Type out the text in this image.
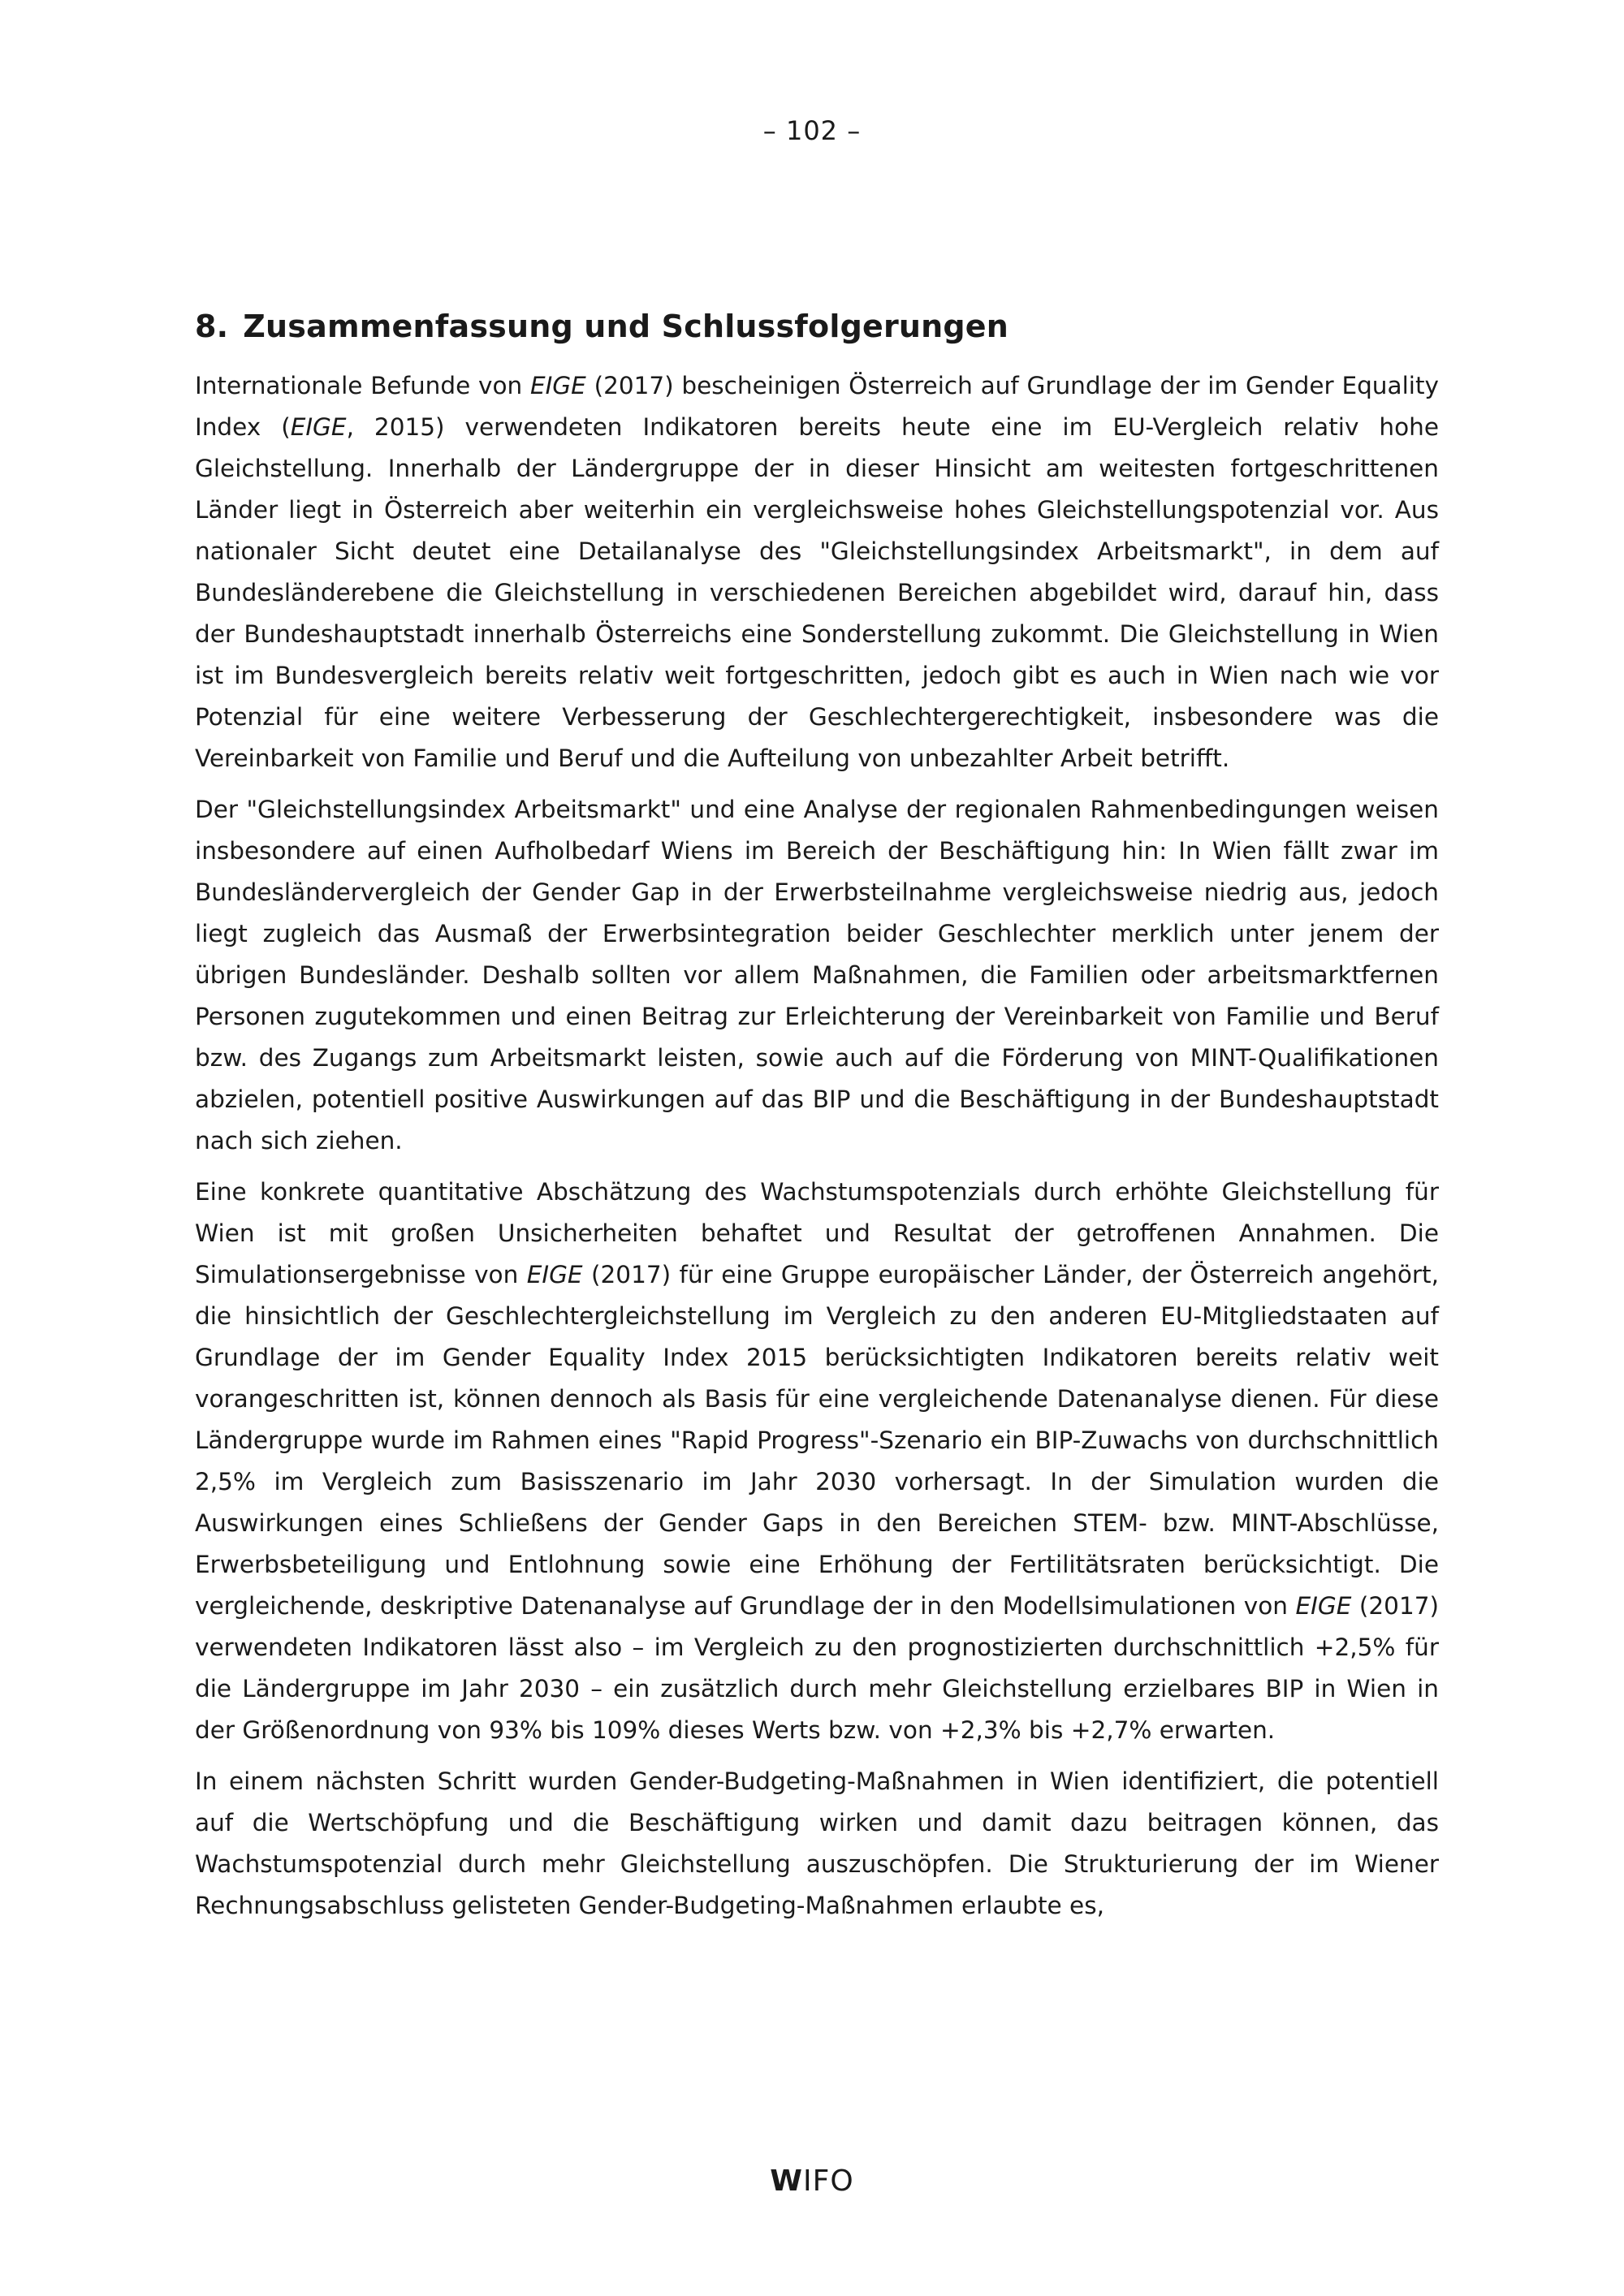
– 102 –
8. Zusammenfassung und Schlussfolgerungen

Internationale Befunde von EIGE (2017) bescheinigen Österreich auf Grundlage der im Gender Equality Index (EIGE, 2015) verwendeten Indikatoren bereits heute eine im EU-Vergleich relativ hohe Gleichstellung. Innerhalb der Ländergruppe der in dieser Hinsicht am weitesten fortgeschrittenen Länder liegt in Österreich aber weiterhin ein vergleichsweise hohes Gleichstellungspotenzial vor. Aus nationaler Sicht deutet eine Detailanalyse des "Gleichstellungsindex Arbeitsmarkt", in dem auf Bundesländerebene die Gleichstellung in verschiedenen Bereichen abgebildet wird, darauf hin, dass der Bundeshauptstadt innerhalb Österreichs eine Sonderstellung zukommt. Die Gleichstellung in Wien ist im Bundesvergleich bereits relativ weit fortgeschritten, jedoch gibt es auch in Wien nach wie vor Potenzial für eine weitere Verbesserung der Geschlechtergerechtigkeit, insbesondere was die Vereinbarkeit von Familie und Beruf und die Aufteilung von unbezahlter Arbeit betrifft.

Der "Gleichstellungsindex Arbeitsmarkt" und eine Analyse der regionalen Rahmenbedingungen weisen insbesondere auf einen Aufholbedarf Wiens im Bereich der Beschäftigung hin: In Wien fällt zwar im Bundesländervergleich der Gender Gap in der Erwerbsteilnahme vergleichsweise niedrig aus, jedoch liegt zugleich das Ausmaß der Erwerbsintegration beider Geschlechter merklich unter jenem der übrigen Bundesländer. Deshalb sollten vor allem Maßnahmen, die Familien oder arbeitsmarktfernen Personen zugutekommen und einen Beitrag zur Erleichterung der Vereinbarkeit von Familie und Beruf bzw. des Zugangs zum Arbeitsmarkt leisten, sowie auch auf die Förderung von MINT-Qualifikationen abzielen, potentiell positive Auswirkungen auf das BIP und die Beschäftigung in der Bundeshauptstadt nach sich ziehen.

Eine konkrete quantitative Abschätzung des Wachstumspotenzials durch erhöhte Gleichstellung für Wien ist mit großen Unsicherheiten behaftet und Resultat der getroffenen Annahmen. Die Simulationsergebnisse von EIGE (2017) für eine Gruppe europäischer Länder, der Österreich angehört, die hinsichtlich der Geschlechtergleichstellung im Vergleich zu den anderen EU-Mitgliedstaaten auf Grundlage der im Gender Equality Index 2015 berücksichtigten Indikatoren bereits relativ weit vorangeschritten ist, können dennoch als Basis für eine vergleichende Datenanalyse dienen. Für diese Ländergruppe wurde im Rahmen eines "Rapid Progress"-Szenario ein BIP-Zuwachs von durchschnittlich 2,5% im Vergleich zum Basisszenario im Jahr 2030 vorhersagt. In der Simulation wurden die Auswirkungen eines Schließens der Gender Gaps in den Bereichen STEM- bzw. MINT-Abschlüsse, Erwerbsbeteiligung und Entlohnung sowie eine Erhöhung der Fertilitätsraten berücksichtigt. Die vergleichende, deskriptive Datenanalyse auf Grundlage der in den Modellsimulationen von EIGE (2017) verwendeten Indikatoren lässt also – im Vergleich zu den prognostizierten durchschnittlich +2,5% für die Ländergruppe im Jahr 2030 – ein zusätzlich durch mehr Gleichstellung erzielbares BIP in Wien in der Größenordnung von 93% bis 109% dieses Werts bzw. von +2,3% bis +2,7% erwarten.

In einem nächsten Schritt wurden Gender-Budgeting-Maßnahmen in Wien identifiziert, die potentiell auf die Wertschöpfung und die Beschäftigung wirken und damit dazu beitragen können, das Wachstumspotenzial durch mehr Gleichstellung auszuschöpfen. Die Strukturierung der im Wiener Rechnungsabschluss gelisteten Gender-Budgeting-Maßnahmen erlaubte es,

WIFO
